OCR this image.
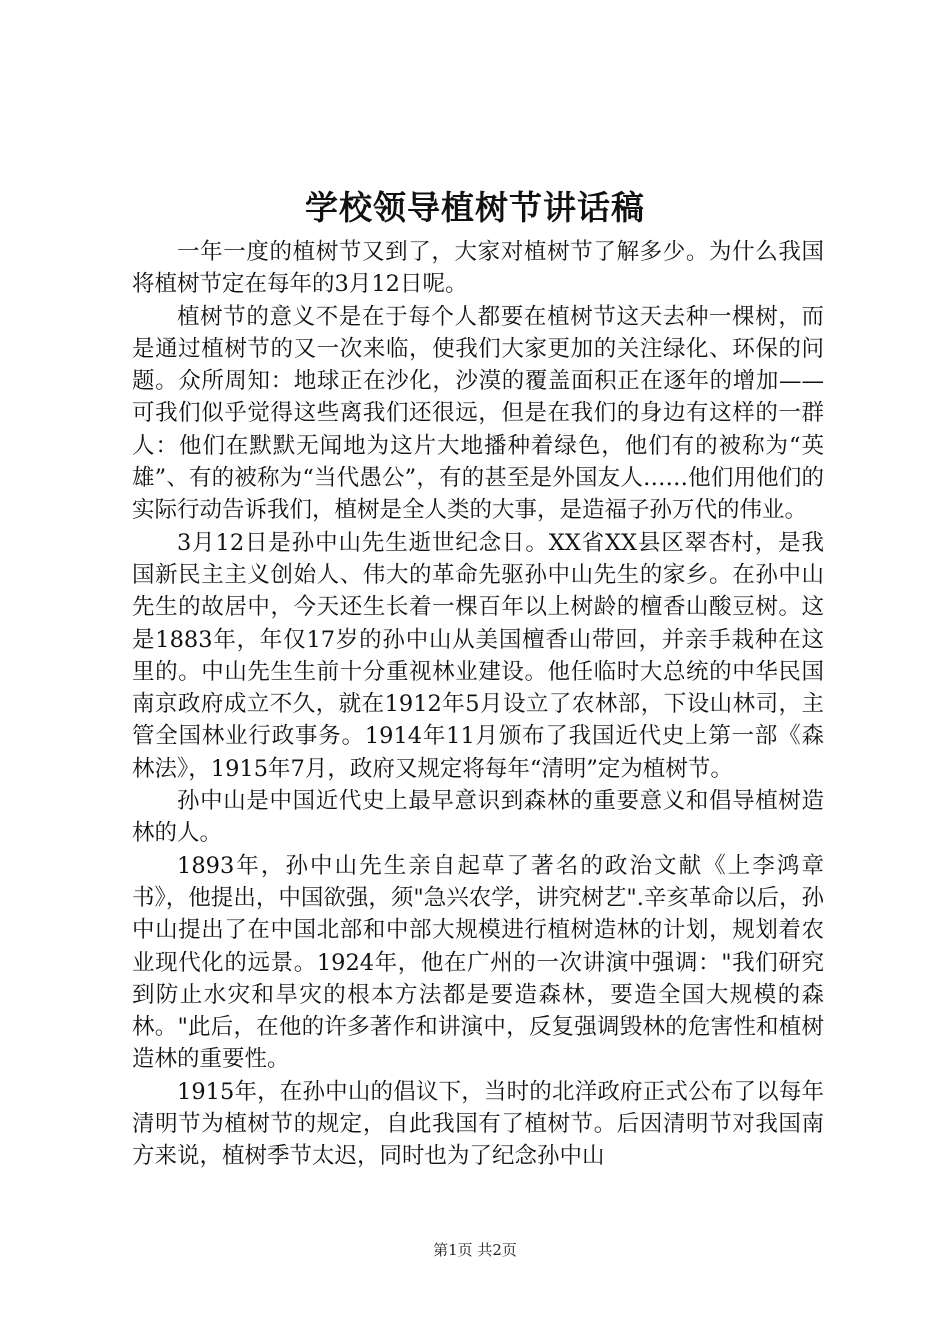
学校领导植树节讲话稿

一年一度的植树节又到了，大家对植树节了解多少。为什么我国将植树节定在每年的3月12日呢。

植树节的意义不是在于每个人都要在植树节这天去种一棵树，而是通过植树节的又一次来临，使我们大家更加的关注绿化、环保的问题。众所周知：地球正在沙化，沙漠的覆盖面积正在逐年的增加——可我们似乎觉得这些离我们还很远，但是在我们的身边有这样的一群人：他们在默默无闻地为这片大地播种着绿色，他们有的被称为“英雄”、有的被称为“当代愚公”，有的甚至是外国友人……他们用他们的实际行动告诉我们，植树是全人类的大事，是造福子孙万代的伟业。

3月12日是孙中山先生逝世纪念日。XX省XX县区翠杏村，是我国新民主主义创始人、伟大的革命先驱孙中山先生的家乡。在孙中山先生的故居中，今天还生长着一棵百年以上树龄的檀香山酸豆树。这是1883年，年仅17岁的孙中山从美国檀香山带回，并亲手栽种在这里的。中山先生生前十分重视林业建设。他任临时大总统的中华民国南京政府成立不久，就在1912年5月设立了农林部，下设山林司，主管全国林业行政事务。1914年11月颁布了我国近代史上第一部《森林法》，1915年7月，政府又规定将每年“清明”定为植树节。

孙中山是中国近代史上最早意识到森林的重要意义和倡导植树造林的人。

1893年，孙中山先生亲自起草了著名的政治文献《上李鸿章书》，他提出，中国欲强，须"急兴农学，讲究树艺".辛亥革命以后，孙中山提出了在中国北部和中部大规模进行植树造林的计划，规划着农业现代化的远景。1924年，他在广州的一次讲演中强调："我们研究到防止水灾和旱灾的根本方法都是要造森林，要造全国大规模的森林。"此后，在他的许多著作和讲演中，反复强调毁林的危害性和植树造林的重要性。

1915年，在孙中山的倡议下，当时的北洋政府正式公布了以每年清明节为植树节的规定，自此我国有了植树节。后因清明节对我国南方来说，植树季节太迟，同时也为了纪念孙中山

第1页 共2页
